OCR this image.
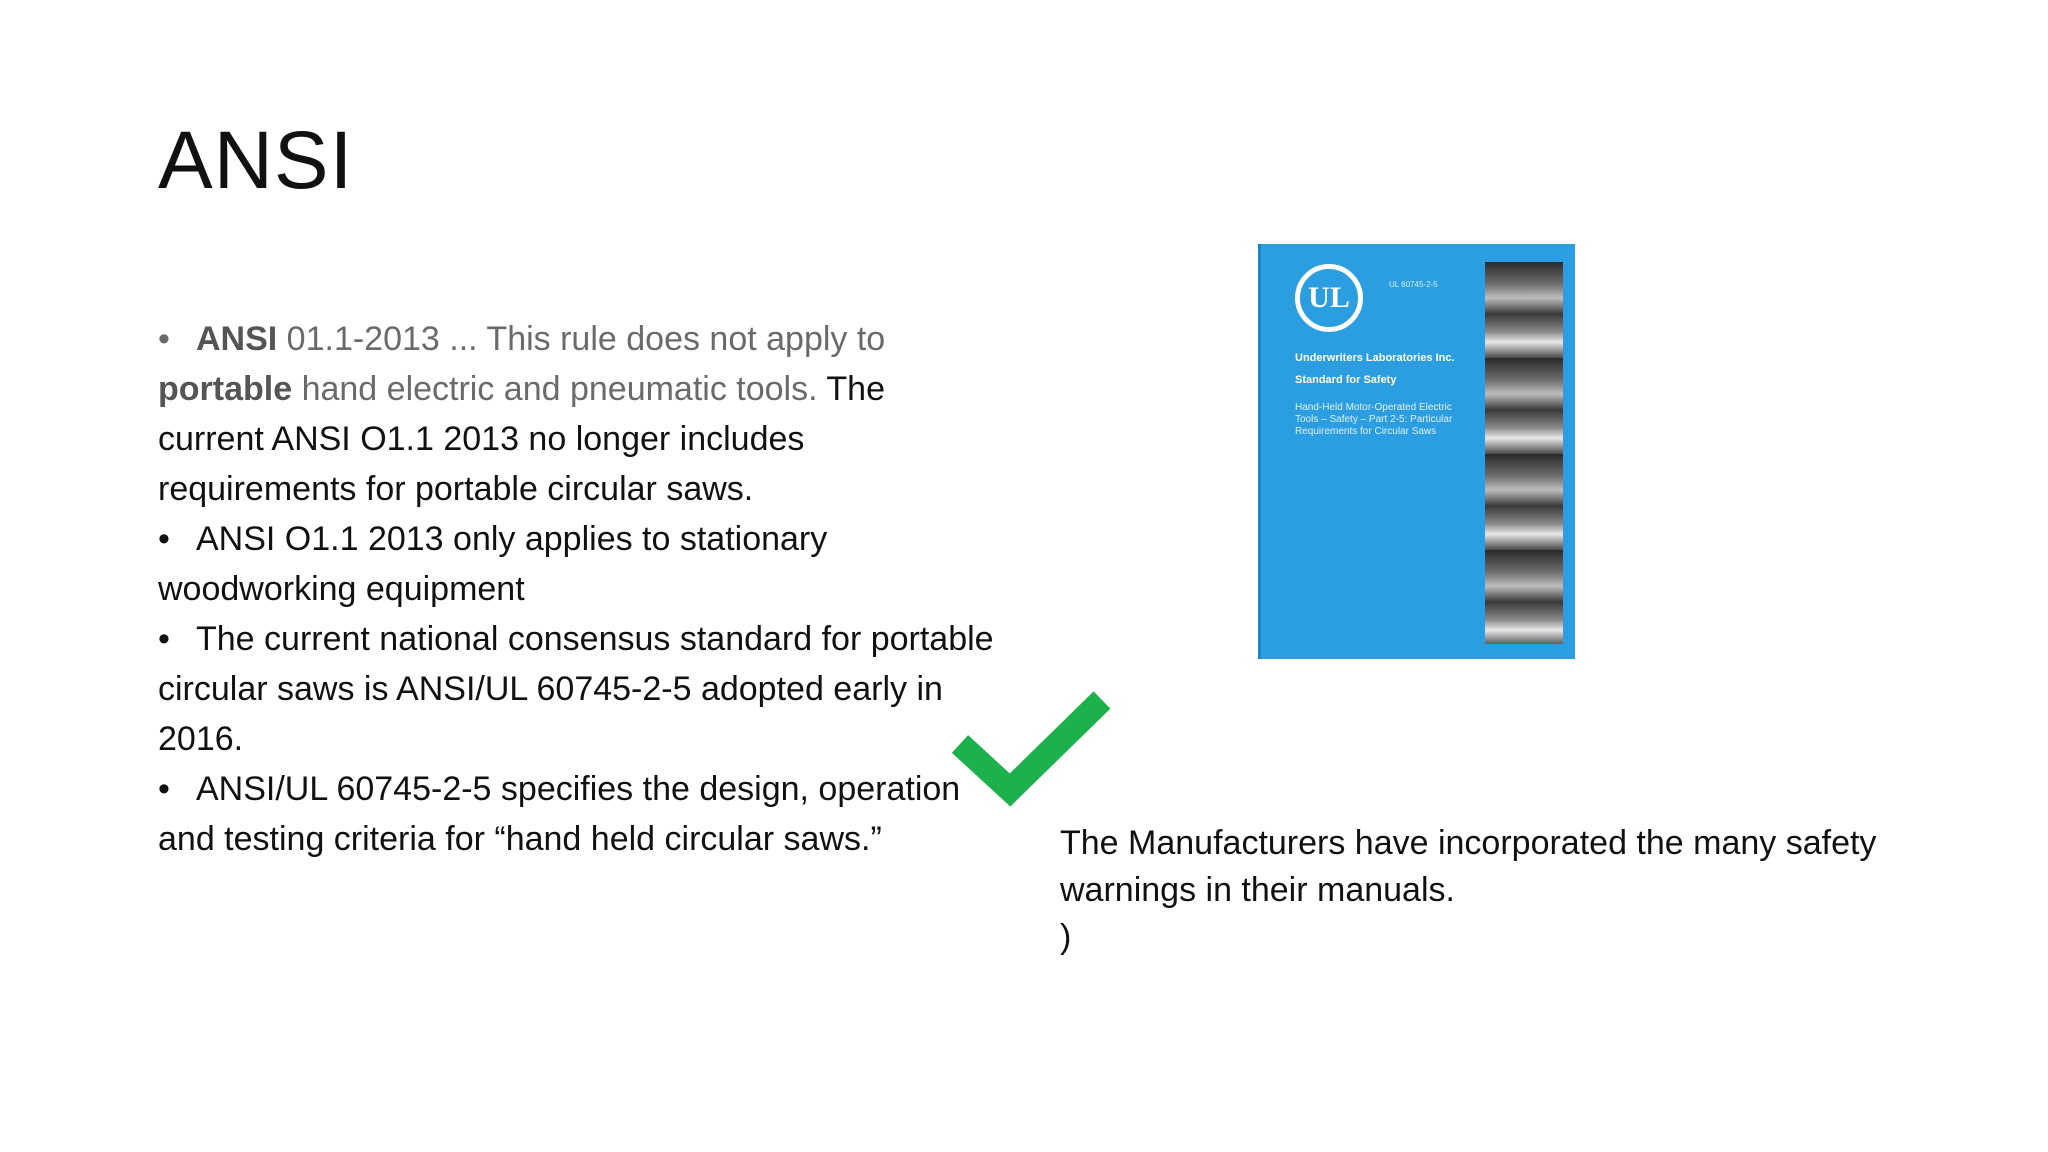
ANSI

• ANSI 01.1-2013 ... This rule does not apply to portable hand electric and pneumatic tools. The current ANSI O1.1 2013 no longer includes requirements for portable circular saws.

• ANSI O1.1 2013 only applies to stationary woodworking equipment

• The current national consensus standard for portable circular saws is ANSI/UL 60745-2-5 adopted early in 2016.

• ANSI/UL 60745-2-5 specifies the design, operation and testing criteria for “hand held circular saws.”

UL	UL 60745-2-5
Underwriters Laboratories Inc.
Standard for Safety
Hand-Held Motor-Operated Electric Tools – Safety – Part 2-5: Particular Requirements for Circular Saws

The Manufacturers have incorporated the many safety warnings in their manuals.

)
